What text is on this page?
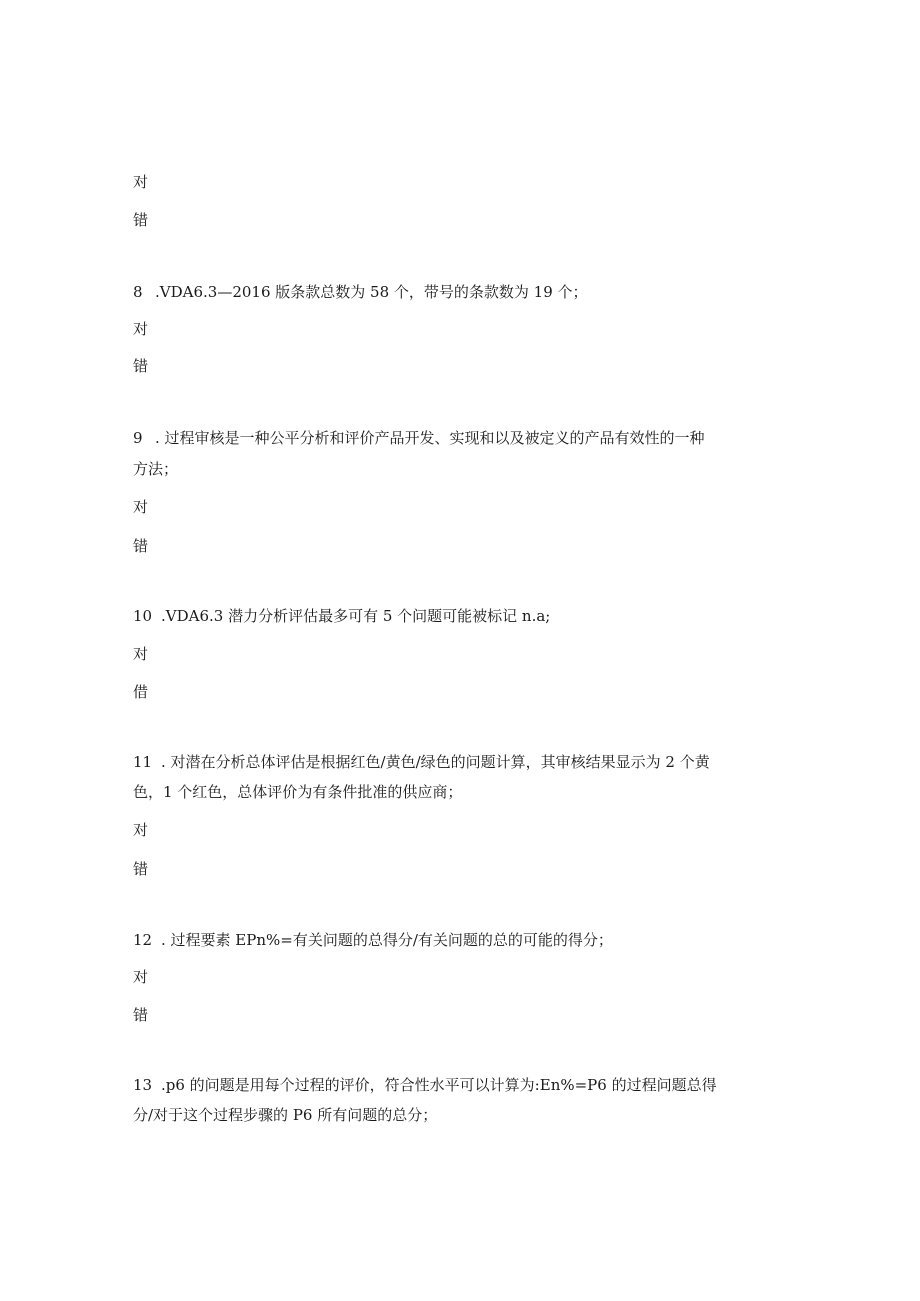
对
错
8 .VDA6.3—2016 版条款总数为 58 个，带号的条款数为 19 个；
对
错
9 . 过程审核是一种公平分析和评价产品开发、实现和以及被定义的产品有效性的一种
方法；
对
错
10 .VDA6.3 潜力分析评估最多可有 5 个问题可能被标记 n.a;
对
借
11 . 对潜在分析总体评估是根据红色/黄色/绿色的问题计算，其审核结果显示为 2 个黄
色，1 个红色，总体评价为有条件批准的供应商；
对
错
12 . 过程要素 EPn%=有关问题的总得分/有关问题的总的可能的得分；
对
错
13 .p6 的问题是用每个过程的评价，符合性水平可以计算为:En%=P6 的过程问题总得
分/对于这个过程步骤的 P6 所有问题的总分；
